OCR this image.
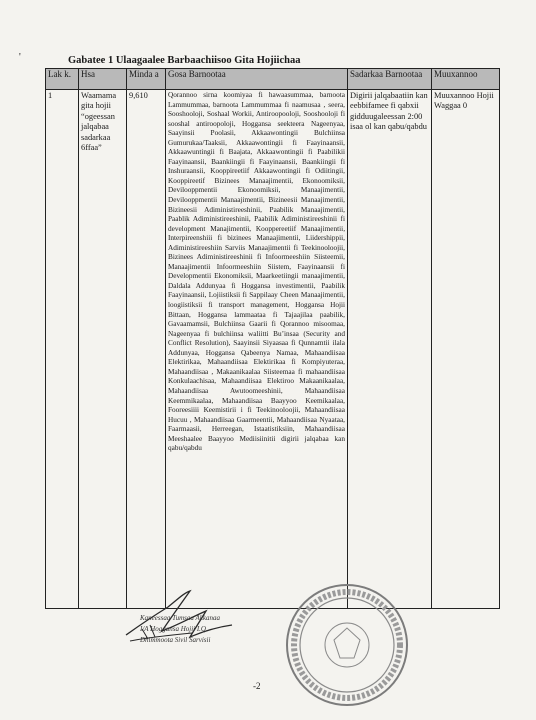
'	Gabatee 1 Ulaagaalee Barbaachiisoo Gita Hojiichaa
Lak k.	Hsa	Minda a	Gosa Barnootaa	Sadarkaa Barnootaa	Muuxannoo
1	Waamama gita hojii “ogeessan jalqabaa sadarkaa 6ffaa”	9,610	Qorannoo sirna koomiyaa fi hawaasummaa, barnoota Lammummaa, barnoota Lammummaa fi naamusaa , seera, Sooshooloji, Soshaal Workii, Antiroopooloji, Sooshooloji fi sooshal antiroopoloji, Hoggansa seekteera Nageenyaa, Saayinsii Poolasii, Akkaawontingii Bulchiinsa Gumurukaa/Taaksii, Akkaawontingii fi Faayinaansii, Akkaawuntingii fi Baajata, Akkaawontingii fi Paabilikii Faayinaansii, Baankiingii fi Faayinaansii, Baankiingii fi Inshuraansii, Kooppireetiif Akkaawontingii fi Odiitingii, Kooppireetif Bizinees Manaajimentii, Ekonoomiksii, Devilooppmentii Ekonoomiksii, Manaajimentii, Devilooppmentii Manaajimentii, Bizineesii Manaajimentii, Bizineesii Adiministireeshinii, Paabilik Manaajimentii, Paablik Adiministireeshinii, Paabilik Adiministireeshinii fi development Manajimentii, Kooppereetiif Manaajimentii, Interpireenshiii fi bizinees Manaajimentii, Liidershippii, Adiministireeshiin Sarviis Manaajimentii fi Teekinooloojii, Bizinees Adiministireeshinii fi Infoormeeshiin Siisteemii, Manaajimentii Infoormeeshiin Siistem, Faayinaansii fi Developmentii Ekonomiksii, Maarkeetiingii manaajimentii, Daldala Addunyaa fi Hoggansa investimentii, Paabilik Faayinaansii, Lojiistiksii fi Sappilaay Cheen Manaajimentii, loogiistiksii fi transport management, Hoggansa Hojii Bittaan, Hoggansa lammaataa fi Tajaajilaa paabilik, Gavaamamsii, Bulchiinsa Gaarii fi Qorannoo misoomaa, Nageenyaa fi bulchiinsa waliitti Bu’insaa (Security and Conflict Resolution), Saayinsii Siyaasaa fi Qunnamtii ilala Addunyaa, Hoggansa Qabeenya Namaa, Mahaandiisaa Elektirikaa, Mahaandiisaa Elektirikaa fi Kompiyuteraa, Mahaandiisaa , Makaanikaalaa Siisteemaa fi mahaandiisaa Konkulaachisaa, Mahaandiisaa Elektiroo Makaanikaalaa, Mahaandiisaa Awutoomeeshinii, Mahaandiisaa Keemmikaalaa, Mahaandiisaa Baayyoo Keemikaalaa, Fooreesiiii Keemistirii i fi Teekinooloojii, Mahaandiisaa Hucuu , Mahaandiisaa Gaarmeentii, Mahaandiisaa Nyaataa, Faarmaasii, Herreegan, Istaatistiksiin, Mahaandiisaa Meeshaalee Baayyoo Mediisiinitii digirii jalqabaa kan qabu/qabdu	Digirii jalqabaatiin kan eebbifamee fi qabxii gidduugaleessan 2:00 isaa ol kan qabu/qabdu	Muuxannoo Hojii Waggaa 0
Kaneessaa Tumsaa Akkanaa
I/A Hoggansa Hojii I.Q.
Dhimmoota Sivil Sarvisii
-2
